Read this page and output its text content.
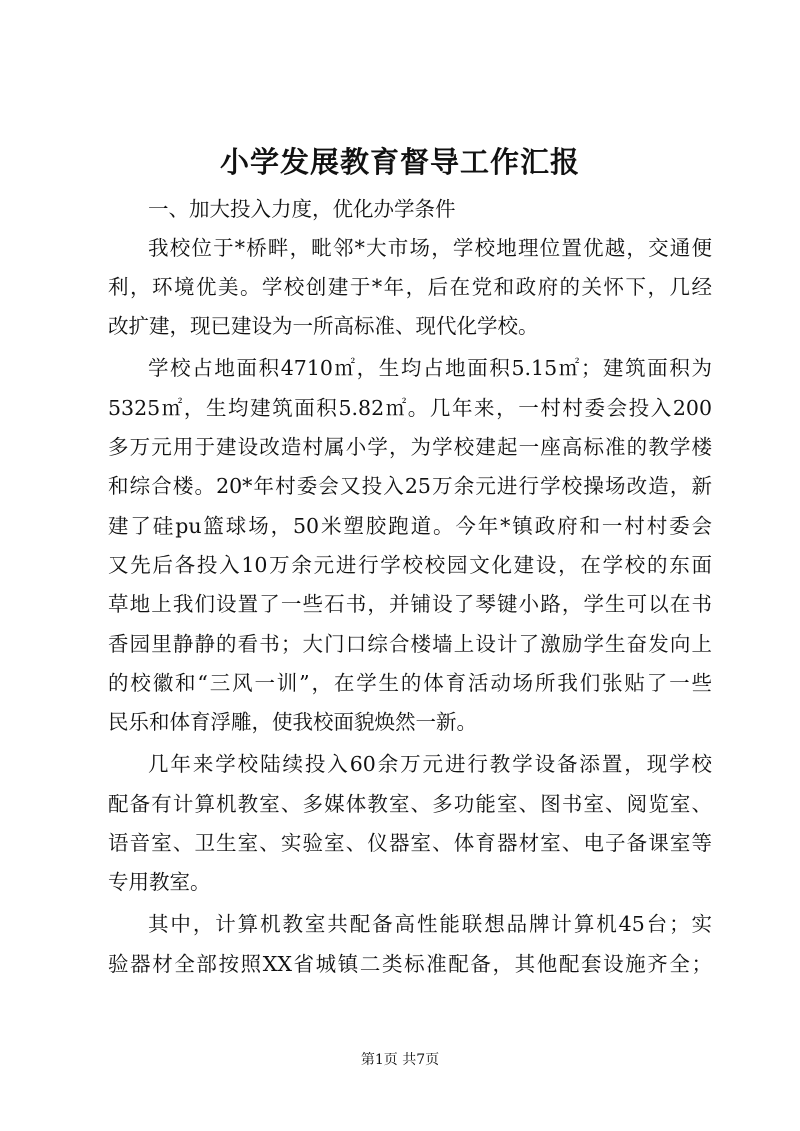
小学发展教育督导工作汇报

一、加大投入力度，优化办学条件

我校位于*桥畔，毗邻*大市场，学校地理位置优越，交通便

利，环境优美。学校创建于*年，后在党和政府的关怀下，几经

改扩建，现已建设为一所高标准、现代化学校。

学校占地面积4710㎡，生均占地面积5.15㎡；建筑面积为

5325㎡，生均建筑面积5.82㎡。几年来，一村村委会投入200

多万元用于建设改造村属小学，为学校建起一座高标准的教学楼

和综合楼。20*年村委会又投入25万余元进行学校操场改造，新

建了硅pu篮球场，50米塑胶跑道。今年*镇政府和一村村委会

又先后各投入10万余元进行学校校园文化建设，在学校的东面

草地上我们设置了一些石书，并铺设了琴键小路，学生可以在书

香园里静静的看书；大门口综合楼墙上设计了激励学生奋发向上

的校徽和“三风一训”，在学生的体育活动场所我们张贴了一些

民乐和体育浮雕，使我校面貌焕然一新。

几年来学校陆续投入60余万元进行教学设备添置，现学校

配备有计算机教室、多媒体教室、多功能室、图书室、阅览室、

语音室、卫生室、实验室、仪器室、体育器材室、电子备课室等

专用教室。

其中，计算机教室共配备高性能联想品牌计算机45台；实

验器材全部按照XX省城镇二类标准配备，其他配套设施齐全；

第1页 共7页
